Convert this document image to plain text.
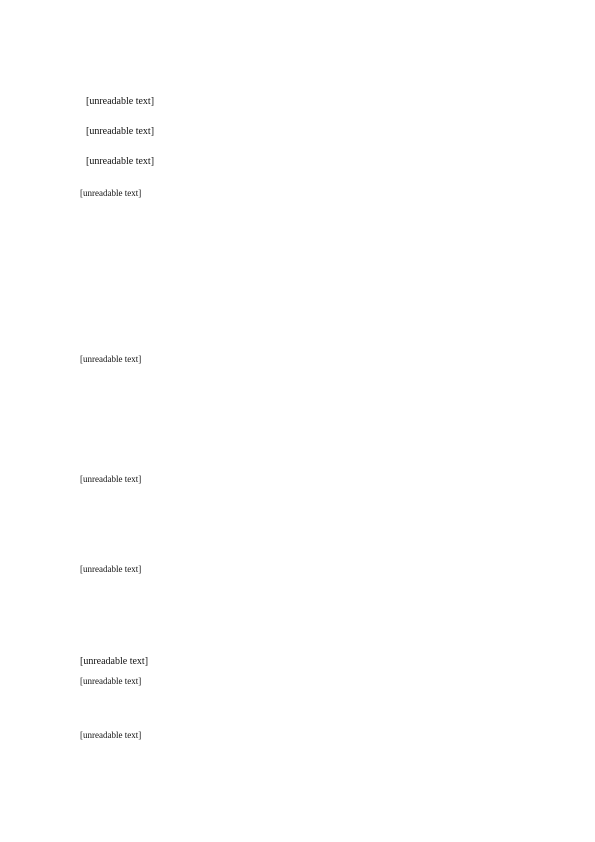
[unreadable text]
[unreadable text]
[unreadable text]
[unreadable text]
[unreadable text]
[unreadable text]
[unreadable text]
[unreadable text]
[unreadable text]
[unreadable text]
